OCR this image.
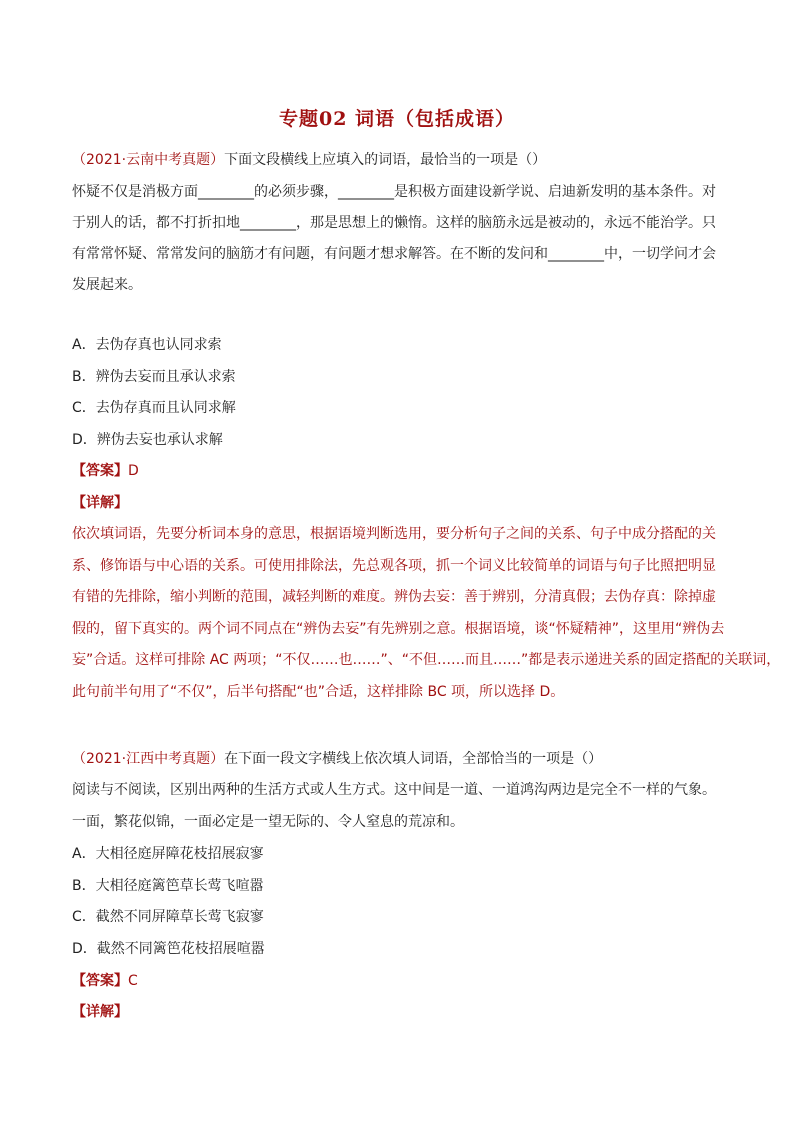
专题02 词语（包括成语）
（2021·云南中考真题）下面文段横线上应填入的词语，最恰当的一项是（）
怀疑不仅是消极方面________的必须步骤，________是积极方面建设新学说、启迪新发明的基本条件。对
于别人的话，都不打折扣地________，那是思想上的懒惰。这样的脑筋永远是被动的，永远不能治学。只
有常常怀疑、常常发问的脑筋才有问题，有问题才想求解答。在不断的发问和________中，一切学问才会
发展起来。
A．去伪存真也认同求索
B．辨伪去妄而且承认求索
C．去伪存真而且认同求解
D．辨伪去妄也承认求解
【答案】D
【详解】
依次填词语，先要分析词本身的意思，根据语境判断选用，要分析句子之间的关系、句子中成分搭配的关
系、修饰语与中心语的关系。可使用排除法，先总观各项，抓一个词义比较简单的词语与句子比照把明显
有错的先排除，缩小判断的范围，减轻判断的难度。辨伪去妄：善于辨别，分清真假；去伪存真：除掉虚
假的，留下真实的。两个词不同点在“辨伪去妄”有先辨别之意。根据语境，谈“怀疑精神”，这里用“辨伪去
妄”合适。这样可排除 AC 两项；“不仅……也……”、“不但……而且……”都是表示递进关系的固定搭配的关联词，
此句前半句用了“不仅”，后半句搭配“也”合适，这样排除 BC 项，所以选择 D。
（2021·江西中考真题）在下面一段文字横线上依次填人词语，全部恰当的一项是（）
阅读与不阅读，区别出两种的生活方式或人生方式。这中间是一道、一道鸿沟两边是完全不一样的气象。
一面，繁花似锦，一面必定是一望无际的、令人窒息的荒凉和。
A．大相径庭屏障花枝招展寂寥
B．大相径庭篱笆草长莺飞喧嚣
C．截然不同屏障草长莺飞寂寥
D．截然不同篱笆花枝招展喧嚣
【答案】C
【详解】
